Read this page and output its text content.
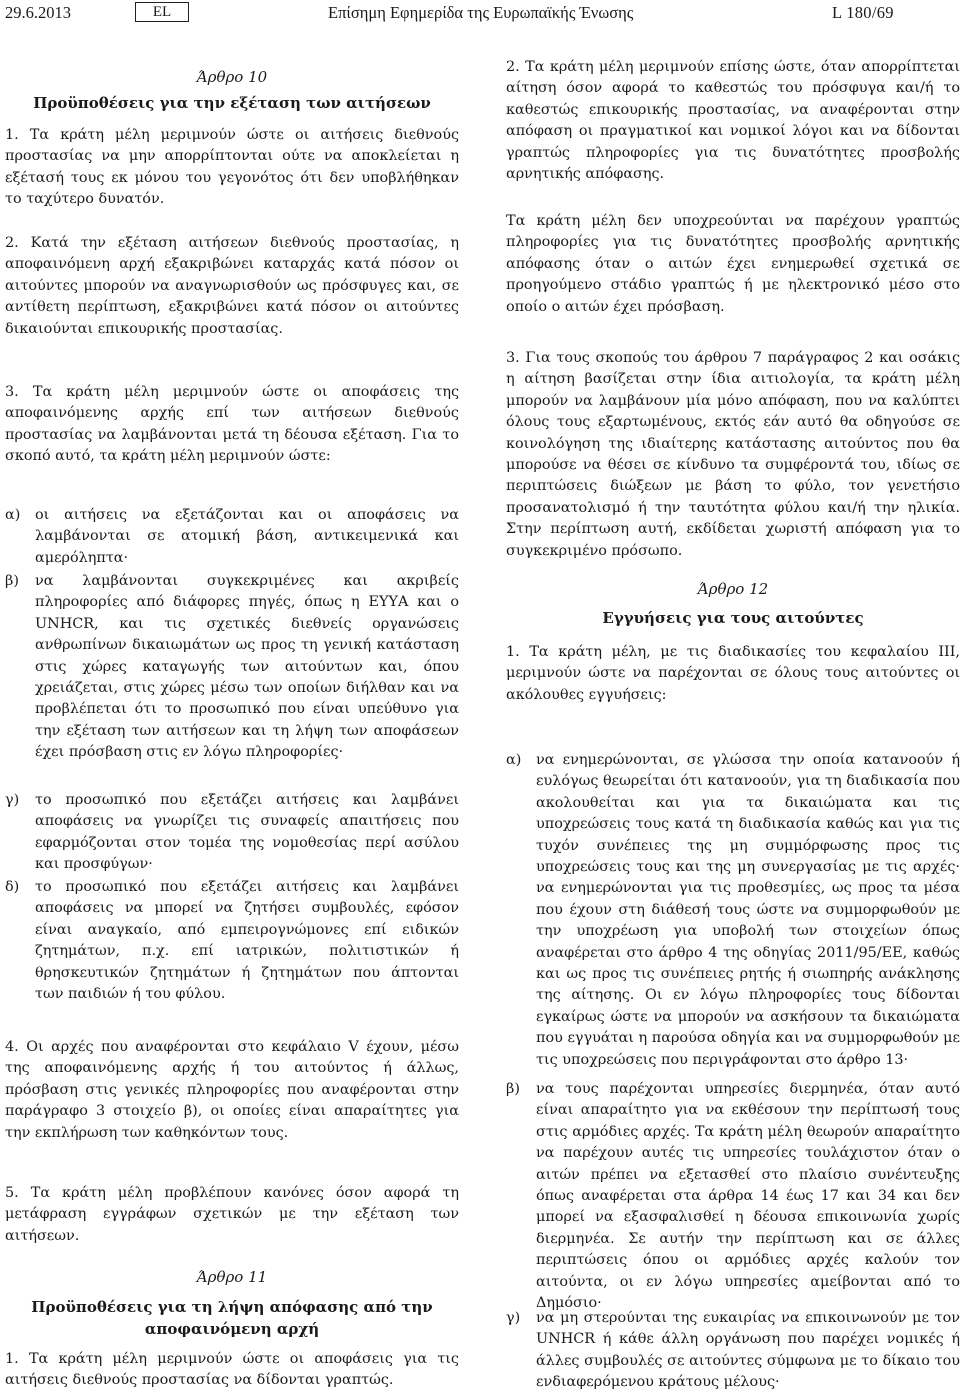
29.6.2013	EL	Επίσημη Εφημερίδα της Ευρωπαϊκής Ένωσης	L 180/69
Άρθρο 10
Προϋποθέσεις για την εξέταση των αιτήσεων

1. Τα κράτη μέλη μεριμνούν ώστε οι αιτήσεις διεθνούς προστασίας να μην απορρίπτονται ούτε να αποκλείεται η εξέτασή τους εκ μόνου του γεγονότος ότι δεν υποβλήθηκαν το ταχύτερο δυνατόν.

2. Κατά την εξέταση αιτήσεων διεθνούς προστασίας, η αποφαινόμενη αρχή εξακριβώνει καταρχάς κατά πόσον οι αιτούντες μπορούν να αναγνωρισθούν ως πρόσφυγες και, σε αντίθετη περίπτωση, εξακριβώνει κατά πόσον οι αιτούντες δικαιούνται επικουρικής προστασίας.

3. Τα κράτη μέλη μεριμνούν ώστε οι αποφάσεις της αποφαινόμενης αρχής επί των αιτήσεων διεθνούς προστασίας να λαμβάνονται μετά τη δέουσα εξέταση. Για το σκοπό αυτό, τα κράτη μέλη μεριμνούν ώστε:

α) οι αιτήσεις να εξετάζονται και οι αποφάσεις να λαμβάνονται σε ατομική βάση, αντικειμενικά και αμερόληπτα·
β) να λαμβάνονται συγκεκριμένες και ακριβείς πληροφορίες από διάφορες πηγές, όπως η ΕΥΥΑ και ο UNHCR, και τις σχετικές διεθνείς οργανώσεις ανθρωπίνων δικαιωμάτων ως προς τη γενική κατάσταση στις χώρες καταγωγής των αιτούντων και, όπου χρειάζεται, στις χώρες μέσω των οποίων διήλθαν και να προβλέπεται ότι το προσωπικό που είναι υπεύθυνο για την εξέταση των αιτήσεων και τη λήψη των αποφάσεων έχει πρόσβαση στις εν λόγω πληροφορίες·
γ) το προσωπικό που εξετάζει αιτήσεις και λαμβάνει αποφάσεις να γνωρίζει τις συναφείς απαιτήσεις που εφαρμόζονται στον τομέα της νομοθεσίας περί ασύλου και προσφύγων·
δ) το προσωπικό που εξετάζει αιτήσεις και λαμβάνει αποφάσεις να μπορεί να ζητήσει συμβουλές, εφόσον είναι αναγκαίο, από εμπειρογνώμονες επί ειδικών ζητημάτων, π.χ. επί ιατρικών, πολιτιστικών ή θρησκευτικών ζητημάτων ή ζητημάτων που άπτονται των παιδιών ή του φύλου.

4. Οι αρχές που αναφέρονται στο κεφάλαιο V έχουν, μέσω της αποφαινόμενης αρχής ή του αιτούντος ή άλλως, πρόσβαση στις γενικές πληροφορίες που αναφέρονται στην παράγραφο 3 στοιχείο β), οι οποίες είναι απαραίτητες για την εκπλήρωση των καθηκόντων τους.

5. Τα κράτη μέλη προβλέπουν κανόνες όσον αφορά τη μετάφραση εγγράφων σχετικών με την εξέταση των αιτήσεων.

Άρθρο 11
Προϋποθέσεις για τη λήψη απόφασης από την αποφαινόμενη αρχή

1. Τα κράτη μέλη μεριμνούν ώστε οι αποφάσεις για τις αιτήσεις διεθνούς προστασίας να δίδονται γραπτώς.

2. Τα κράτη μέλη μεριμνούν επίσης ώστε, όταν απορρίπτεται αίτηση όσον αφορά το καθεστώς του πρόσφυγα και/ή το καθεστώς επικουρικής προστασίας, να αναφέρονται στην απόφαση οι πραγματικοί και νομικοί λόγοι και να δίδονται γραπτώς πληροφορίες για τις δυνατότητες προσβολής αρνητικής απόφασης.

Τα κράτη μέλη δεν υποχρεούνται να παρέχουν γραπτώς πληροφορίες για τις δυνατότητες προσβολής αρνητικής απόφασης όταν ο αιτών έχει ενημερωθεί σχετικά σε προηγούμενο στάδιο γραπτώς ή με ηλεκτρονικό μέσο στο οποίο ο αιτών έχει πρόσβαση.

3. Για τους σκοπούς του άρθρου 7 παράγραφος 2 και οσάκις η αίτηση βασίζεται στην ίδια αιτιολογία, τα κράτη μέλη μπορούν να λαμβάνουν μία μόνο απόφαση, που να καλύπτει όλους τους εξαρτωμένους, εκτός εάν αυτό θα οδηγούσε σε κοινολόγηση της ιδιαίτερης κατάστασης αιτούντος που θα μπορούσε να θέσει σε κίνδυνο τα συμφέροντά του, ιδίως σε περιπτώσεις διώξεων με βάση το φύλο, τον γενετήσιο προσανατολισμό ή την ταυτότητα φύλου και/ή την ηλικία. Στην περίπτωση αυτή, εκδίδεται χωριστή απόφαση για το συγκεκριμένο πρόσωπο.

Άρθρο 12
Εγγυήσεις για τους αιτούντες

1. Τα κράτη μέλη, με τις διαδικασίες του κεφαλαίου III, μεριμνούν ώστε να παρέχονται σε όλους τους αιτούντες οι ακόλουθες εγγυήσεις:

α) να ενημερώνονται, σε γλώσσα την οποία κατανοούν ή ευλόγως θεωρείται ότι κατανοούν, για τη διαδικασία που ακολουθείται και για τα δικαιώματα και τις υποχρεώσεις τους κατά τη διαδικασία καθώς και για τις τυχόν συνέπειες της μη συμμόρφωσης προς τις υποχρεώσεις τους και της μη συνεργασίας με τις αρχές· να ενημερώνονται για τις προθεσμίες, ως προς τα μέσα που έχουν στη διάθεσή τους ώστε να συμμορφωθούν με την υποχρέωση για υποβολή των στοιχείων όπως αναφέρεται στο άρθρο 4 της οδηγίας 2011/95/ΕΕ, καθώς και ως προς τις συνέπειες ρητής ή σιωπηρής ανάκλησης της αίτησης. Οι εν λόγω πληροφορίες τους δίδονται εγκαίρως ώστε να μπορούν να ασκήσουν τα δικαιώματα που εγγυάται η παρούσα οδηγία και να συμμορφωθούν με τις υποχρεώσεις που περιγράφονται στο άρθρο 13·
β) να τους παρέχονται υπηρεσίες διερμηνέα, όταν αυτό είναι απαραίτητο για να εκθέσουν την περίπτωσή τους στις αρμόδιες αρχές. Τα κράτη μέλη θεωρούν απαραίτητο να παρέχουν αυτές τις υπηρεσίες τουλάχιστον όταν ο αιτών πρέπει να εξετασθεί στο πλαίσιο συνέντευξης όπως αναφέρεται στα άρθρα 14 έως 17 και 34 και δεν μπορεί να εξασφαλισθεί η δέουσα επικοινωνία χωρίς διερμηνέα. Σε αυτήν την περίπτωση και σε άλλες περιπτώσεις όπου οι αρμόδιες αρχές καλούν τον αιτούντα, οι εν λόγω υπηρεσίες αμείβονται από το Δημόσιο·
γ) να μη στερούνται της ευκαιρίας να επικοινωνούν με τον UNHCR ή κάθε άλλη οργάνωση που παρέχει νομικές ή άλλες συμβουλές σε αιτούντες σύμφωνα με το δίκαιο του ενδιαφερόμενου κράτους μέλους·
